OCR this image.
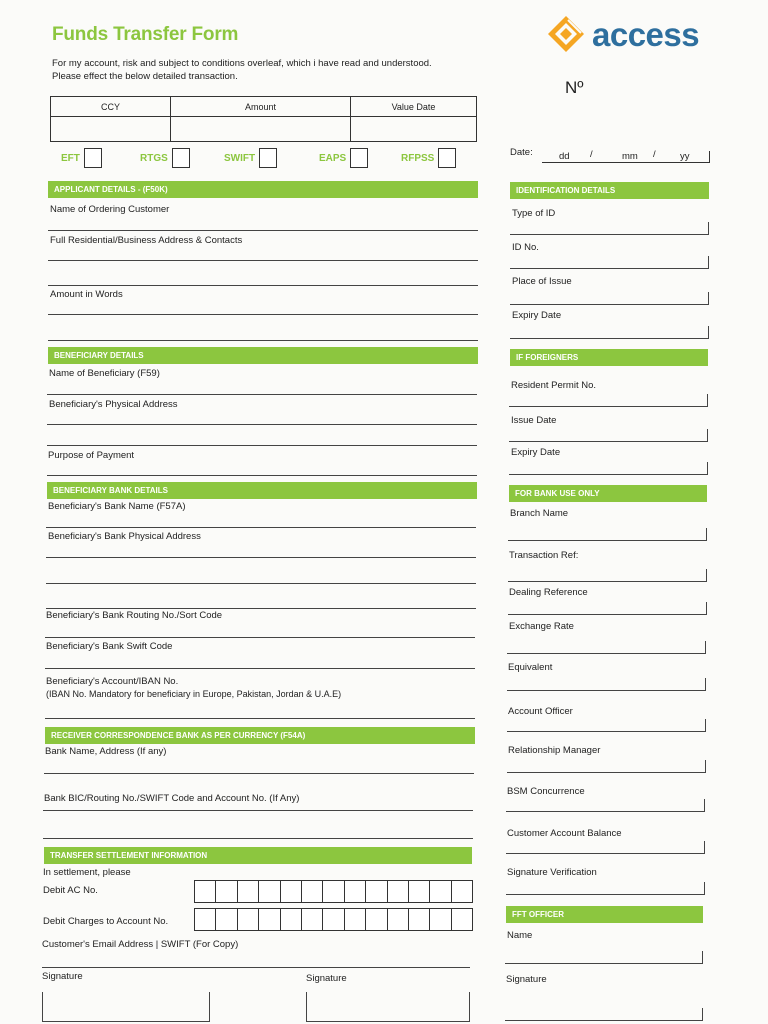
Funds Transfer Form
For my account, risk and subject to conditions overleaf, which i have read and understood.
Please effect the below detailed transaction.
access
Nº
CCY	Amount	Value Date

EFT	RTGS	SWIFT	EAPS	RFPSS	Date:	dd /	mm /	yy
APPLICANT DETAILS - (F50K)
Name of Ordering Customer
Full Residential/Business Address & Contacts
Amount in Words
BENEFICIARY DETAILS
Name of Beneficiary (F59)
Beneficiary's Physical Address
Purpose of Payment
BENEFICIARY BANK DETAILS
Beneficiary's Bank Name (F57A)
Beneficiary's Bank Physical Address
Beneficiary's Bank Routing No./Sort Code
Beneficiary's Bank Swift Code
Beneficiary's Account/IBAN No.
(IBAN No. Mandatory for beneficiary in Europe, Pakistan, Jordan & U.A.E)
RECEIVER CORRESPONDENCE BANK AS PER CURRENCY (F54A)
Bank Name, Address (If any)
Bank BIC/Routing No./SWIFT Code and Account No. (If Any)
TRANSFER SETTLEMENT INFORMATION
In settlement, please
Debit AC No.
Debit Charges to Account No.
Customer's Email Address | SWIFT (For Copy)
Signature	Signature
IDENTIFICATION DETAILS
Type of ID
ID No.
Place of Issue
Expiry Date
IF FOREIGNERS
Resident Permit No.
Issue Date
Expiry Date
FOR BANK USE ONLY
Branch Name
Transaction Ref:
Dealing Reference
Exchange Rate
Equivalent
Account Officer
Relationship Manager
BSM Concurrence
Customer Account Balance
Signature Verification
FFT OFFICER
Name
Signature
